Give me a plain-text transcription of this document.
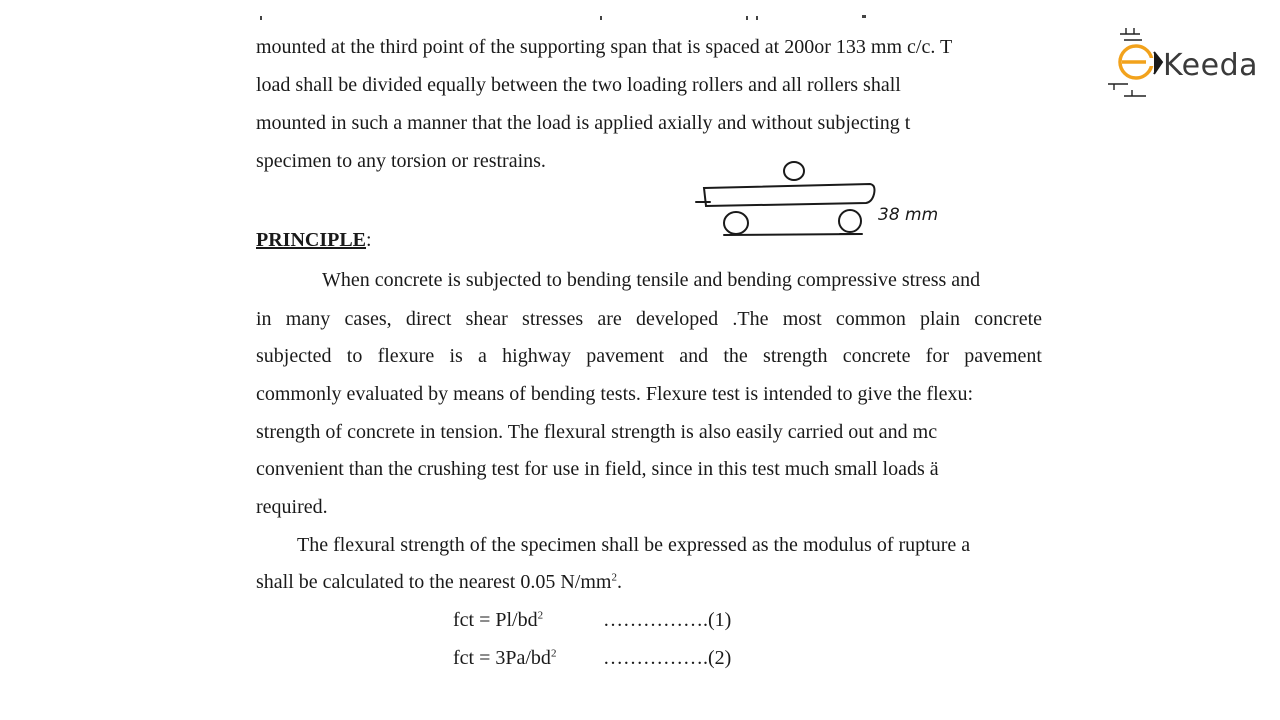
mounted at the third point of the supporting span that is spaced at 200or 133 mm c/c. T
load shall be divided equally between the two loading rollers and all rollers shall
mounted in such a manner that the load is applied axially and without subjecting t
specimen to any torsion or restrains.
38 mm
PRINCIPLE:
When concrete is subjected to bending tensile and bending compressive stress and
in many cases, direct shear stresses are developed .The most common plain concrete
subjected to flexure is a highway pavement and the strength concrete for pavement
commonly evaluated by means of bending tests. Flexure test is intended to give the flexu:
strength of concrete in tension. The flexural strength is also easily carried out and mc
convenient than the crushing test for use in field, since in this test much small loads ä
required.
The flexural strength of the specimen shall be expressed as the modulus of rupture a
shall be calculated to the nearest 0.05 $N/mm^2$.
fct = $Pl/bd^2$	…………….(1)
fct = $3Pa/bd^2$ …………….(2)
Keeda
